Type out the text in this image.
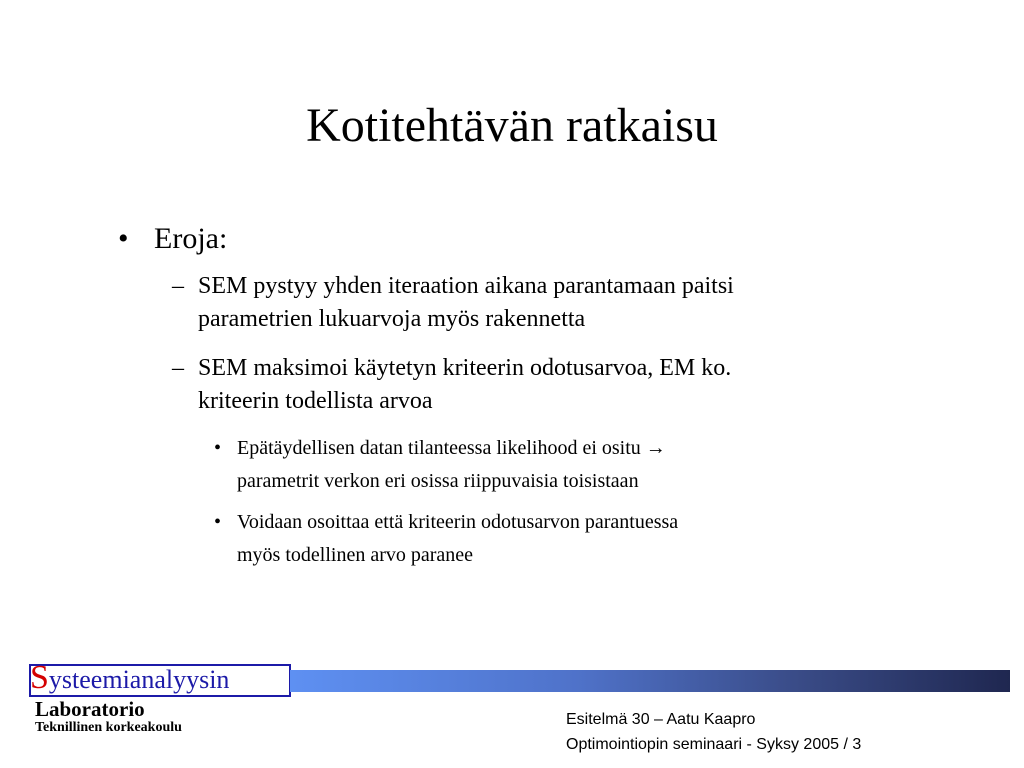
Kotitehtävän ratkaisu
• Eroja:
– SEM pystyy yhden iteraation aikana parantamaan paitsi
parametrien lukuarvoja myös rakennetta
– SEM maksimoi käytetyn kriteerin odotusarvoa, EM ko.
kriteerin todellista arvoa
• Epätäydellisen datan tilanteessa likelihood ei ositu →
parametrit verkon eri osissa riippuvaisia toisistaan
• Voidaan osoittaa että kriteerin odotusarvon parantuessa
myös todellinen arvo paranee
Systeemianalyysin
Laboratorio
Teknillinen korkeakoulu	Esitelmä 30 – Aatu Kaapro
Optimointiopin seminaari - Syksy 2005 / 3
